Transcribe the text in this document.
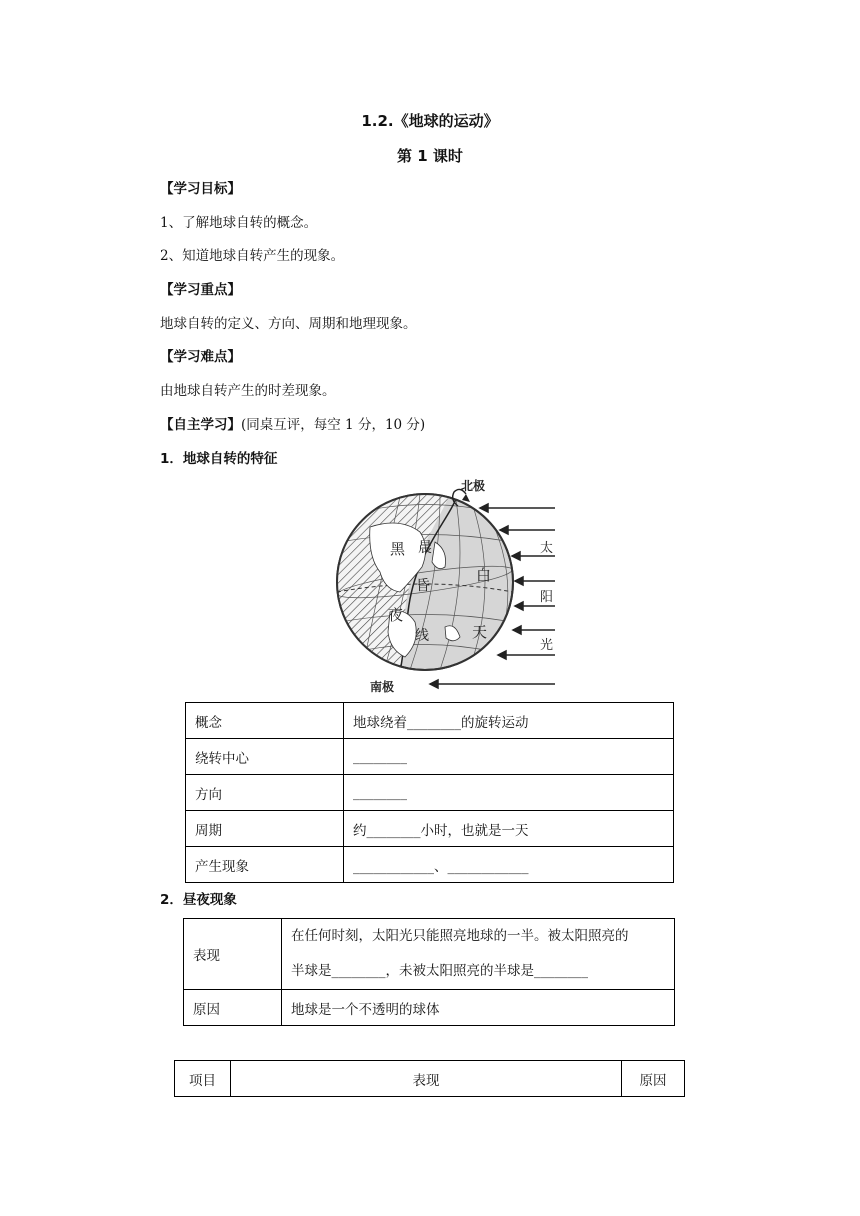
1.2.《地球的运动》
第 1 课时
【学习目标】
1、了解地球自转的概念。
2、知道地球自转产生的现象。
【学习重点】
地球自转的定义、方向、周期和地理现象。
【学习难点】
由地球自转产生的时差现象。
【自主学习】(同桌互评，每空 1 分，10 分)
1．地球自转的特征
北极
南极
黑 晨
昏
线
夜
白
天
太
阳
光
概念	地球绕着________的旋转运动
绕转中心	________
方向	________
周期	约________小时，也就是一天
产生现象	____________、____________
2．昼夜现象
表现	在任何时刻，太阳光只能照亮地球的一半。被太阳照亮的
半球是________，未被太阳照亮的半球是________

原因	地球是一个不透明的球体
项目	表现	原因
